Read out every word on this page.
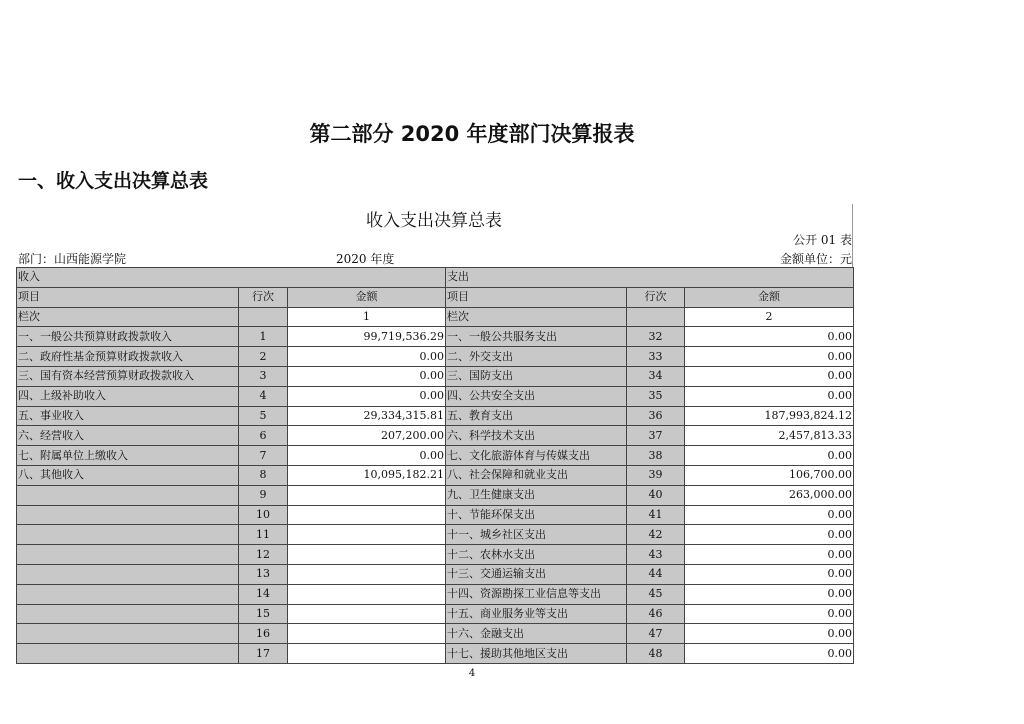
第二部分 2020 年度部门决算报表
一、收入支出决算总表
收入支出决算总表
公开 01 表
部门：山西能源学院	2020 年度	金额单位：元
收入			支出		
项目	行次	金额	项目	行次	金额
栏次		1	栏次		2
一、一般公共预算财政拨款收入	1	99,719,536.29	一、一般公共服务支出	32	0.00
二、政府性基金预算财政拨款收入	2	0.00	二、外交支出	33	0.00
三、国有资本经营预算财政拨款收入	3	0.00	三、国防支出	34	0.00
四、上级补助收入	4	0.00	四、公共安全支出	35	0.00
五、事业收入	5	29,334,315.81	五、教育支出	36	187,993,824.12
六、经营收入	6	207,200.00	六、科学技术支出	37	2,457,813.33
七、附属单位上缴收入	7	0.00	七、文化旅游体育与传媒支出	38	0.00
八、其他收入	8	10,095,182.21	八、社会保障和就业支出	39	106,700.00
	9		九、卫生健康支出	40	263,000.00
	10		十、节能环保支出	41	0.00
	11		十一、城乡社区支出	42	0.00
	12		十二、农林水支出	43	0.00
	13		十三、交通运输支出	44	0.00
	14		十四、资源勘探工业信息等支出	45	0.00
	15		十五、商业服务业等支出	46	0.00
	16		十六、金融支出	47	0.00
	17		十七、援助其他地区支出	48	0.00
4
